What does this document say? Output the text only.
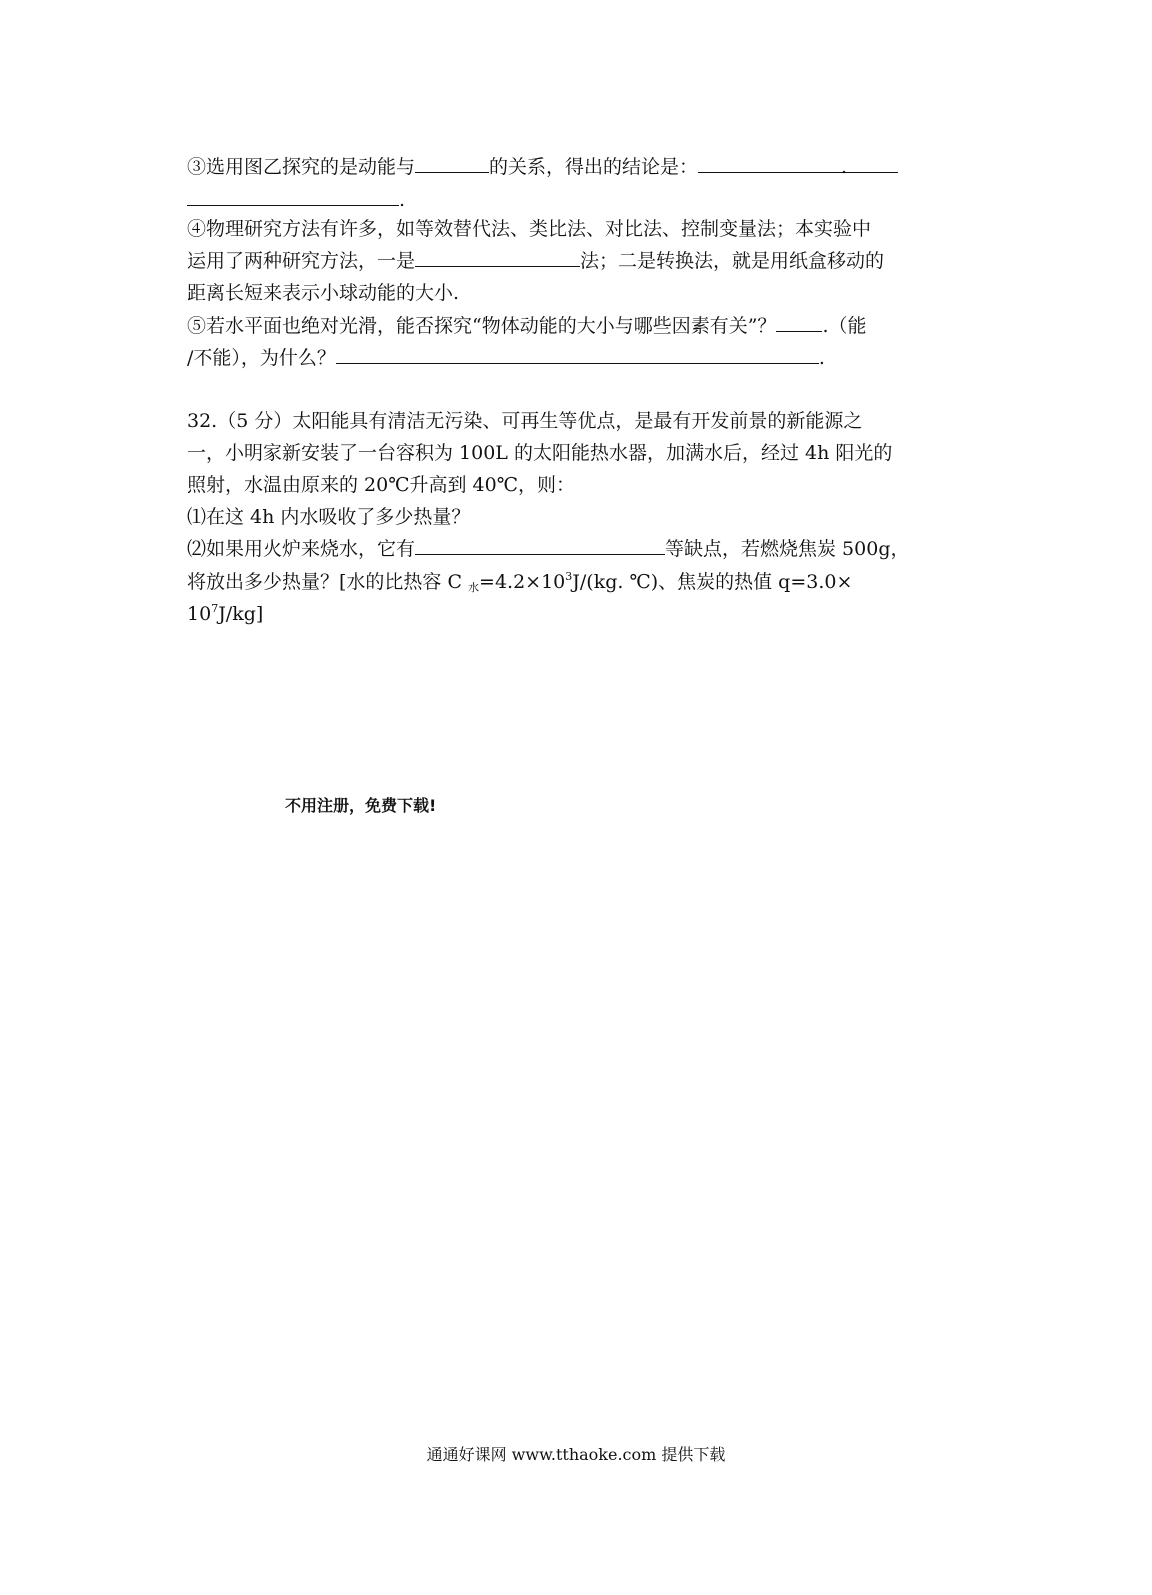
③选用图乙探究的是动能与	的关系，得出的结论是：	.
.
④物理研究方法有许多，如等效替代法、类比法、对比法、控制变量法；本实验中
运用了两种研究方法，一是	法；二是转换法，就是用纸盒移动的
距离长短来表示小球动能的大小.
⑤若水平面也绝对光滑，能否探究“物体动能的大小与哪些因素有关”？ .（能
/不能），为什么？	.
32.（5 分）太阳能具有清洁无污染、可再生等优点，是最有开发前景的新能源之
一，小明家新安装了一台容积为 100L 的太阳能热水器，加满水后，经过 4h 阳光的
照射，水温由原来的 20℃升高到 40℃，则：
⑴在这 4h 内水吸收了多少热量？
⑵如果用火炉来烧水，它有	等缺点，若燃烧焦炭 500g，
将放出多少热量？[水的比热容 C $_水=4.2\times 10^3J/(kg$. ℃)、焦炭的热值 q=3.0×
$10^7J/kg$]
不用注册，免费下载!
通通好课网 www.tthaoke.com 提供下载
